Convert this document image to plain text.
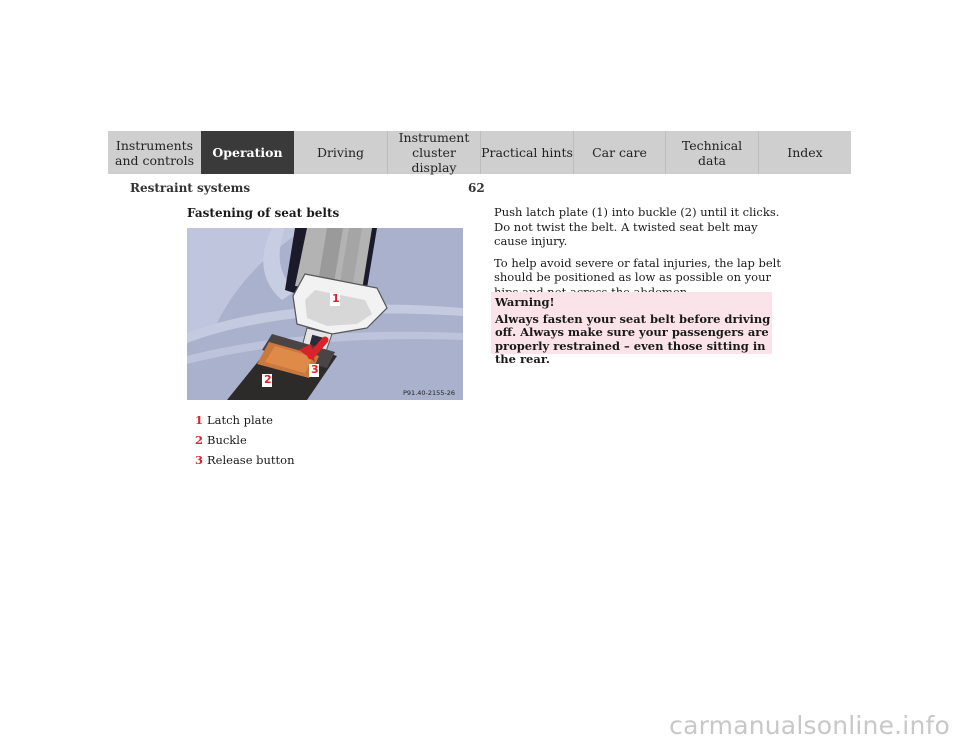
Instruments
and controls	Operation	Driving
Instrument
cluster display
Practical hints	Car care	Technical
data	Index
Restraint systems	62
Fastening of seat belts
1
3
2
P91.40-2155-26
1 Latch plate
2 Buckle
3 Release button

Push latch plate (1) into buckle (2) until it clicks. Do not twist the belt. A twisted seat belt may cause injury.

To help avoid severe or fatal injuries, the lap belt should be positioned as low as possible on your

Warning!
Always fasten your seat belt before driving off. Always make sure your passengers are properly restrained – even those sitting in the rear.
carmanualsonline.info
